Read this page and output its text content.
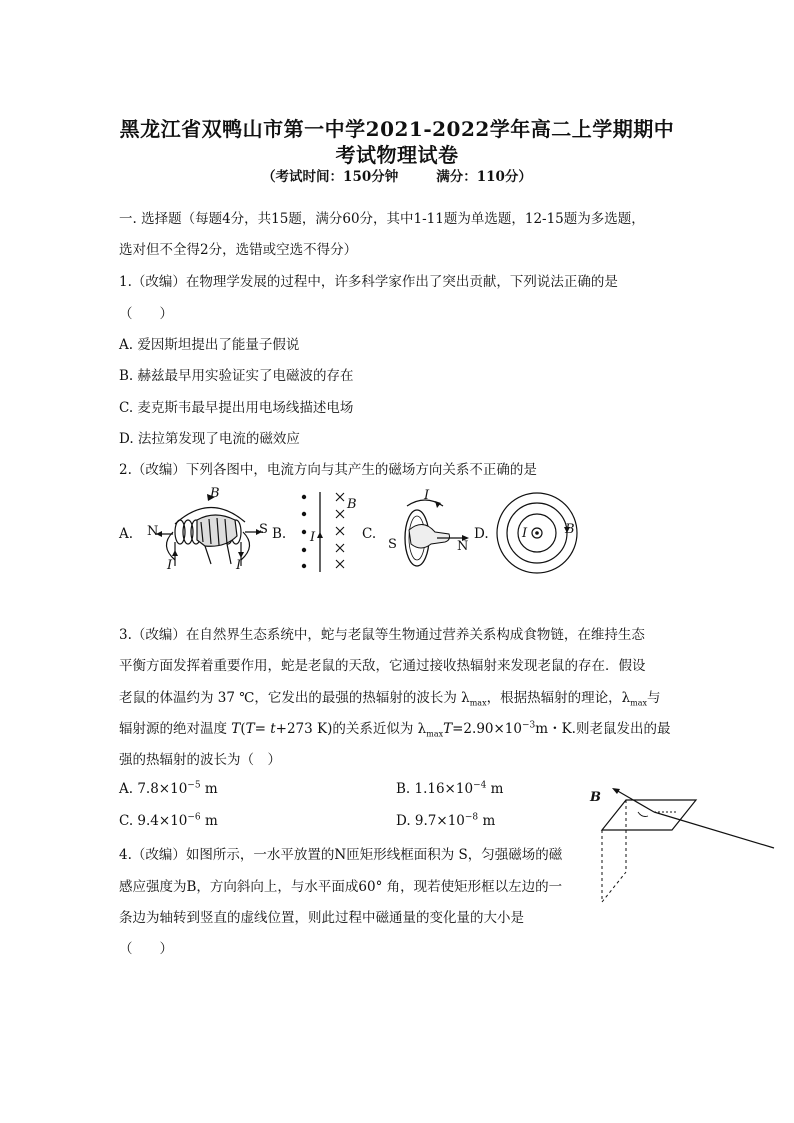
黑龙江省双鸭山市第一中学2021-2022学年高二上学期期中
考试物理试卷
（考试时间：150分钟	满分：110分）
一. 选择题（每题4分，共15题，满分60分，其中1-11题为单选题，12-15题为多选题，
选对但不全得2分，选错或空选不得分）
1.（改编）在物理学发展的过程中，许多科学家作出了突出贡献，下列说法正确的是
（　　）
A. 爱因斯坦提出了能量子假说
B. 赫兹最早用实验证实了电磁波的存在
C. 麦克斯韦最早提出用电场线描述电场
D. 法拉第发现了电流的磁效应
2.（改编）下列各图中，电流方向与其产生的磁场方向关系不正确的是
A.	B.	C.	D.
N	S
B
I	I
B
I
I
S	N
I	B
3.（改编）在自然界生态系统中，蛇与老鼠等生物通过营养关系构成食物链，在维持生态
平衡方面发挥着重要作用，蛇是老鼠的天敌，它通过接收热辐射来发现老鼠的存在．假设
老鼠的体温约为 37 ℃，它发出的最强的热辐射的波长为 $\lambda_{max}$，根据热辐射的理论，$\lambda_{max}$与
辐射源的绝对温度 T(T= t+273 K)的关系近似为 $\lambda_{max}T=2.90\times 10^{-3}m$・K.则老鼠发出的最
强的热辐射的波长为（　）
A. $7.8\times 10^{-5}$ m	B. $1.16\times 10^{-4}$ m
C. $9.4\times 10^{-6}$ m	D. $9.7\times 10^{-8}$ m
4.（改编）如图所示，一水平放置的N匝矩形线框面积为 S，匀强磁场的磁
感应强度为B，方向斜向上，与水平面成60° 角，现若使矩形框以左边的一
条边为轴转到竖直的虚线位置，则此过程中磁通量的变化量的大小是
（　　）
B
